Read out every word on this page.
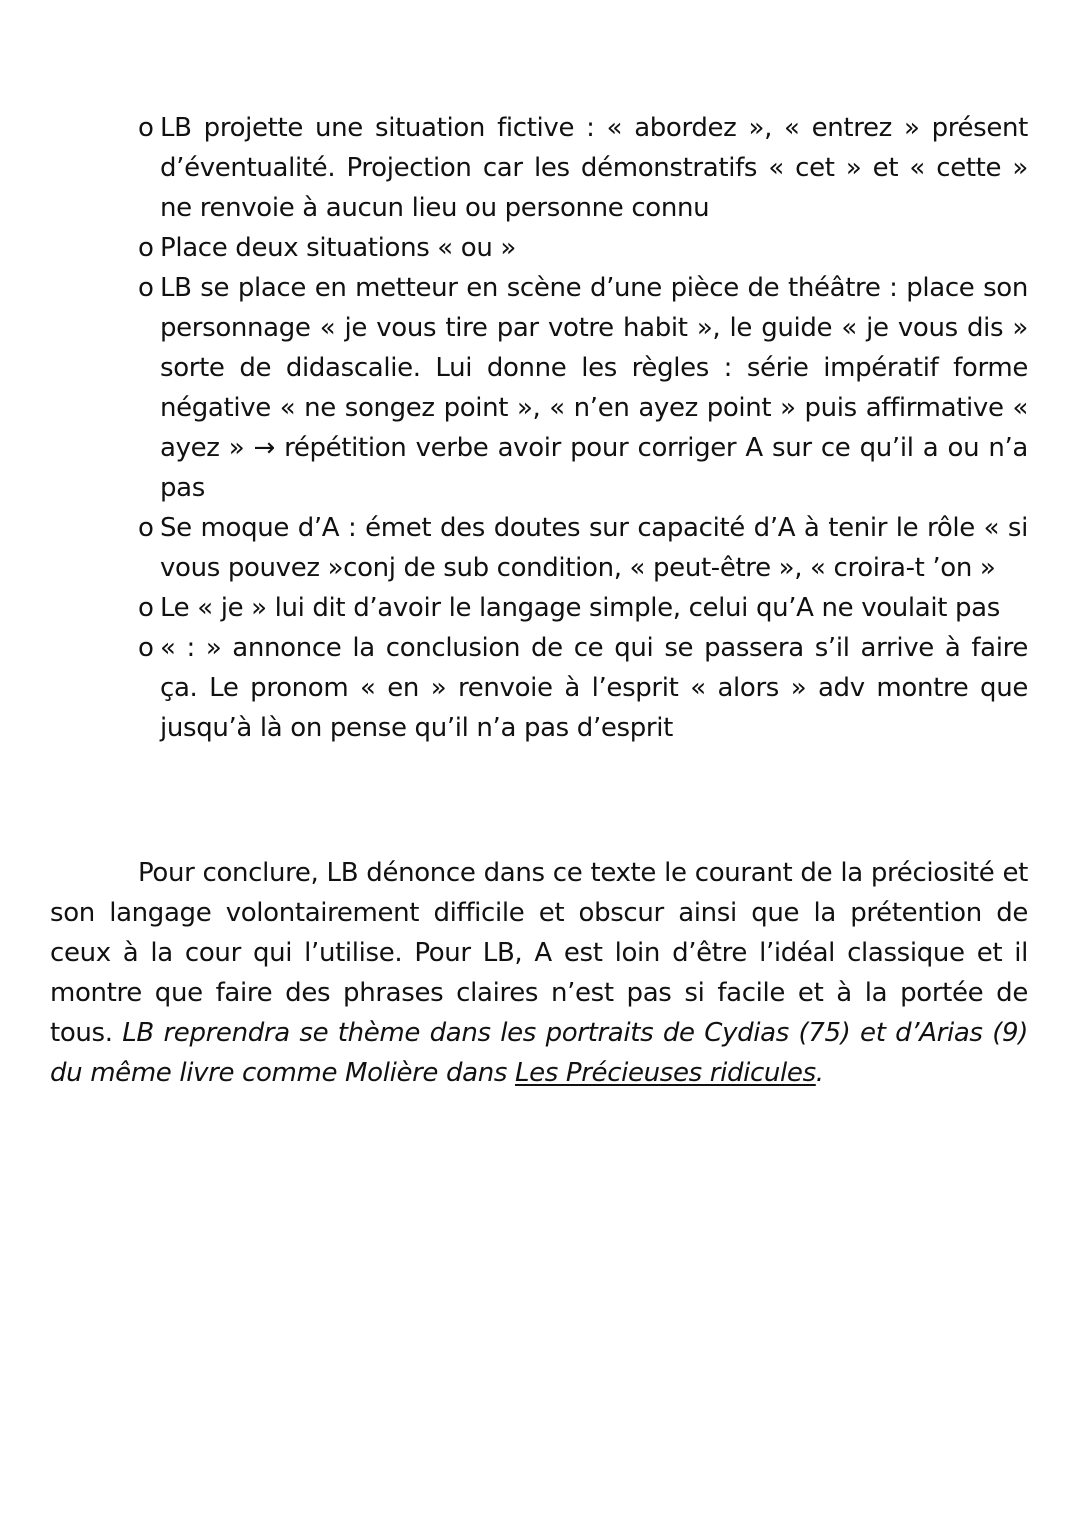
o LB projette une situation fictive : « abordez », « entrez » présent d’éventualité. Projection car les démonstratifs « cet » et « cette » ne renvoie à aucun lieu ou personne connu
o Place deux situations « ou »
o LB se place en metteur en scène d’une pièce de théâtre : place son personnage « je vous tire par votre habit », le guide « je vous dis » sorte de didascalie. Lui donne les règles : série impératif forme négative « ne songez point », « n’en ayez point » puis affirmative « ayez » → répétition verbe avoir pour corriger A sur ce qu’il a ou n’a pas
o Se moque d’A : émet des doutes sur capacité d’A à tenir le rôle « si vous pouvez »conj de sub condition, « peut-être », « croira-t ’on »
o Le « je » lui dit d’avoir le langage simple, celui qu’A ne voulait pas
o « : » annonce la conclusion de ce qui se passera s’il arrive à faire ça. Le pronom « en » renvoie à l’esprit « alors » adv montre que jusqu’à là on pense qu’il n’a pas d’esprit

Pour conclure, LB dénonce dans ce texte le courant de la préciosité et son langage volontairement difficile et obscur ainsi que la prétention de ceux à la cour qui l’utilise. Pour LB, A est loin d’être l’idéal classique et il montre que faire des phrases claires n’est pas si facile et à la portée de tous. LB reprendra se thème dans les portraits de Cydias (75) et d’Arias (9) du même livre comme Molière dans Les Précieuses ridicules.
